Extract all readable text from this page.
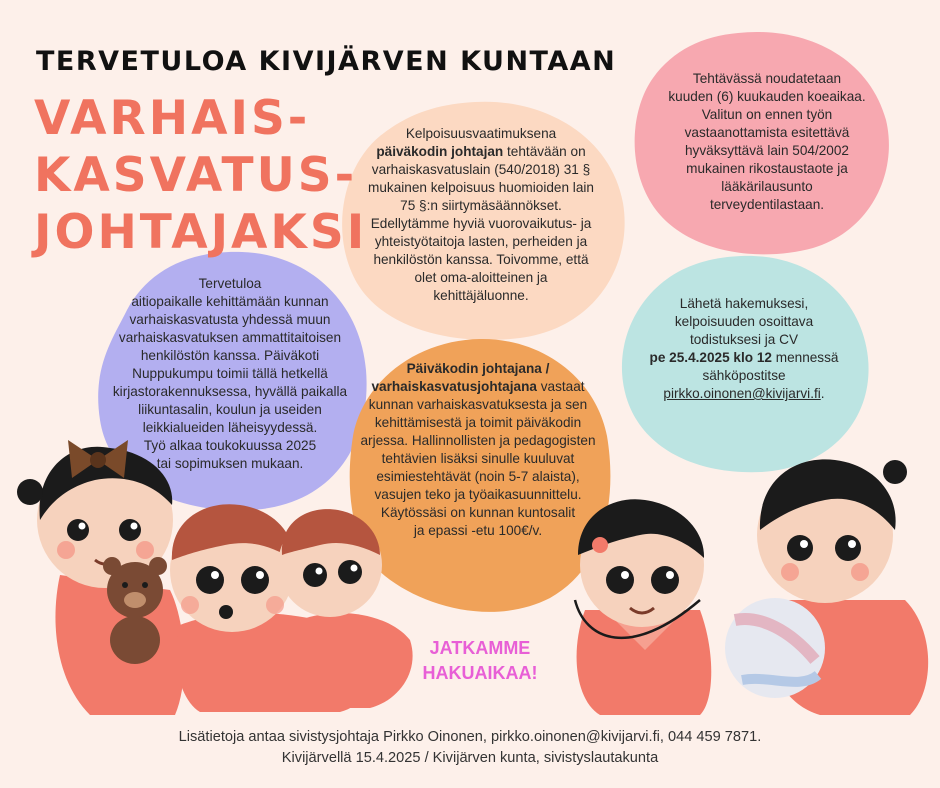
TERVETULOA KIVIJÄRVEN KUNTAAN
VARHAIS-
KASVATUS-
JOHTAJAKSI
Kelpoisuusvaatimuksena
päiväkodin johtajan tehtävään on
varhaiskasvatuslain (540/2018) 31 §
mukainen kelpoisuus huomioiden lain
75 §:n siirtymäsäännökset.
Edellytämme hyviä vuorovaikutus- ja
yhteistyötaitoja lasten, perheiden ja
henkilöstön kanssa. Toivomme, että
olet oma-aloitteinen ja
kehittäjäluonne.
Tervetuloa
aitiopaikalle kehittämään kunnan
varhaiskasvatusta yhdessä muun
varhaiskasvatuksen ammattitaitoisen
henkilöstön kanssa. Päiväkoti
Nuppukumpu toimii tällä hetkellä
kirjastorakennuksessa, hyvällä paikalla
liikuntasalin, koulun ja useiden
leikkialueiden läheisyydessä.
Työ alkaa toukokuussa 2025
tai sopimuksen mukaan.
Tehtävässä noudatetaan
kuuden (6) kuukauden koeaikaa.
Valitun on ennen työn
vastaanottamista esitettävä
hyväksyttävä lain 504/2002
mukainen rikostaustaote ja
lääkärilausunto
terveydentilastaan.
Lähetä hakemuksesi,
kelpoisuuden osoittava
todistuksesi ja CV
pe 25.4.2025 klo 12 mennessä
sähköpostitse
pirkko.oinonen@kivijarvi.fi.
Päiväkodin johtajana /
varhaiskasvatusjohtajana vastaat
kunnan varhaiskasvatuksesta ja sen
kehittämisestä ja toimit päiväkodin
arjessa. Hallinnollisten ja pedagogisten
tehtävien lisäksi sinulle kuuluvat
esimiestehtävät (noin 5-7 alaista),
vasujen teko ja työaikasuunnittelu.
Käytössäsi on kunnan kuntosalit
ja epassi -etu 100€/v.
JATKAMME
HAKUAIKAA!
Lisätietoja antaa sivistysjohtaja Pirkko Oinonen, pirkko.oinonen@kivijarvi.fi, 044 459 7871.
Kivijärvellä 15.4.2025 / Kivijärven kunta, sivistyslautakunta
